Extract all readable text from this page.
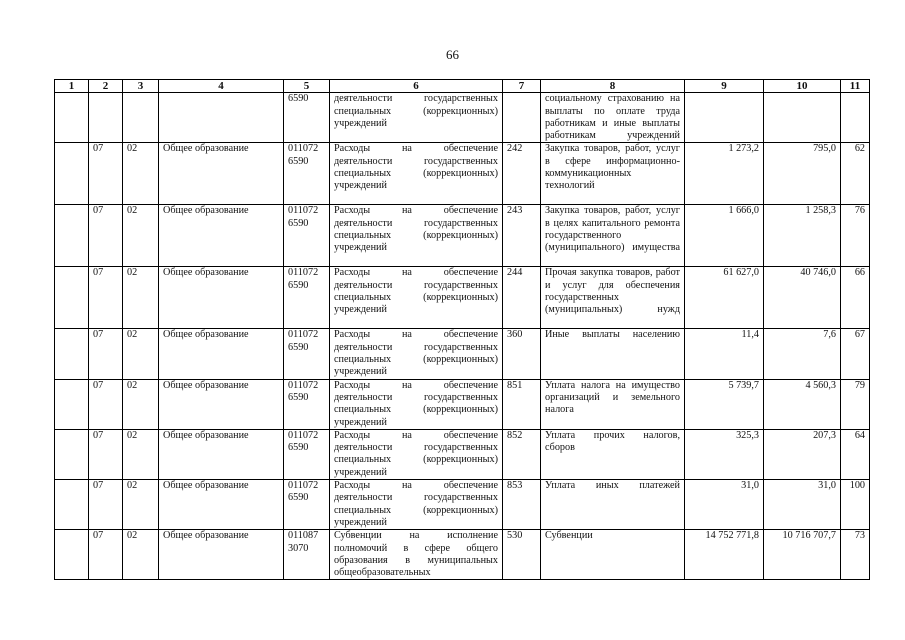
66
1	2	3	4	5	6	7	8	9	10	11
				6590	деятельности государственных специальных (коррекционных) учреждений		социальному страхованию на выплаты по оплате труда работникам и иные выплаты работникам учреждений			
	07	02	Общее образование	011072 6590	Расходы на обеспечение деятельности государственных специальных (коррекционных) учреждений	242	Закупка товаров, работ, услуг в сфере информационно-коммуникационных технологий	1 273,2	795,0	62
	07	02	Общее образование	011072 6590	Расходы на обеспечение деятельности государственных специальных (коррекционных) учреждений	243	Закупка товаров, работ, услуг в целях капитального ремонта государственного (муниципального) имущества	1 666,0	1 258,3	76
	07	02	Общее образование	011072 6590	Расходы на обеспечение деятельности государственных специальных (коррекционных) учреждений	244	Прочая закупка товаров, работ и услуг для обеспечения государственных (муниципальных) нужд	61 627,0	40 746,0	66
	07	02	Общее образование	011072 6590	Расходы на обеспечение деятельности государственных специальных (коррекционных) учреждений	360	Иные выплаты населению	11,4	7,6	67
	07	02	Общее образование	011072 6590	Расходы на обеспечение деятельности государственных специальных (коррекционных) учреждений	851	Уплата налога на имущество организаций и земельного налога	5 739,7	4 560,3	79
	07	02	Общее образование	011072 6590	Расходы на обеспечение деятельности государственных специальных (коррекционных) учреждений	852	Уплата прочих налогов, сборов	325,3	207,3	64
	07	02	Общее образование	011072 6590	Расходы на обеспечение деятельности государственных специальных (коррекционных) учреждений	853	Уплата иных платежей	31,0	31,0	100
	07	02	Общее образование	011087 3070	Субвенции на исполнение полномочий в сфере общего образования в муниципальных общеобразовательных	530	Субвенции	14 752 771,8	10 716 707,7	73
